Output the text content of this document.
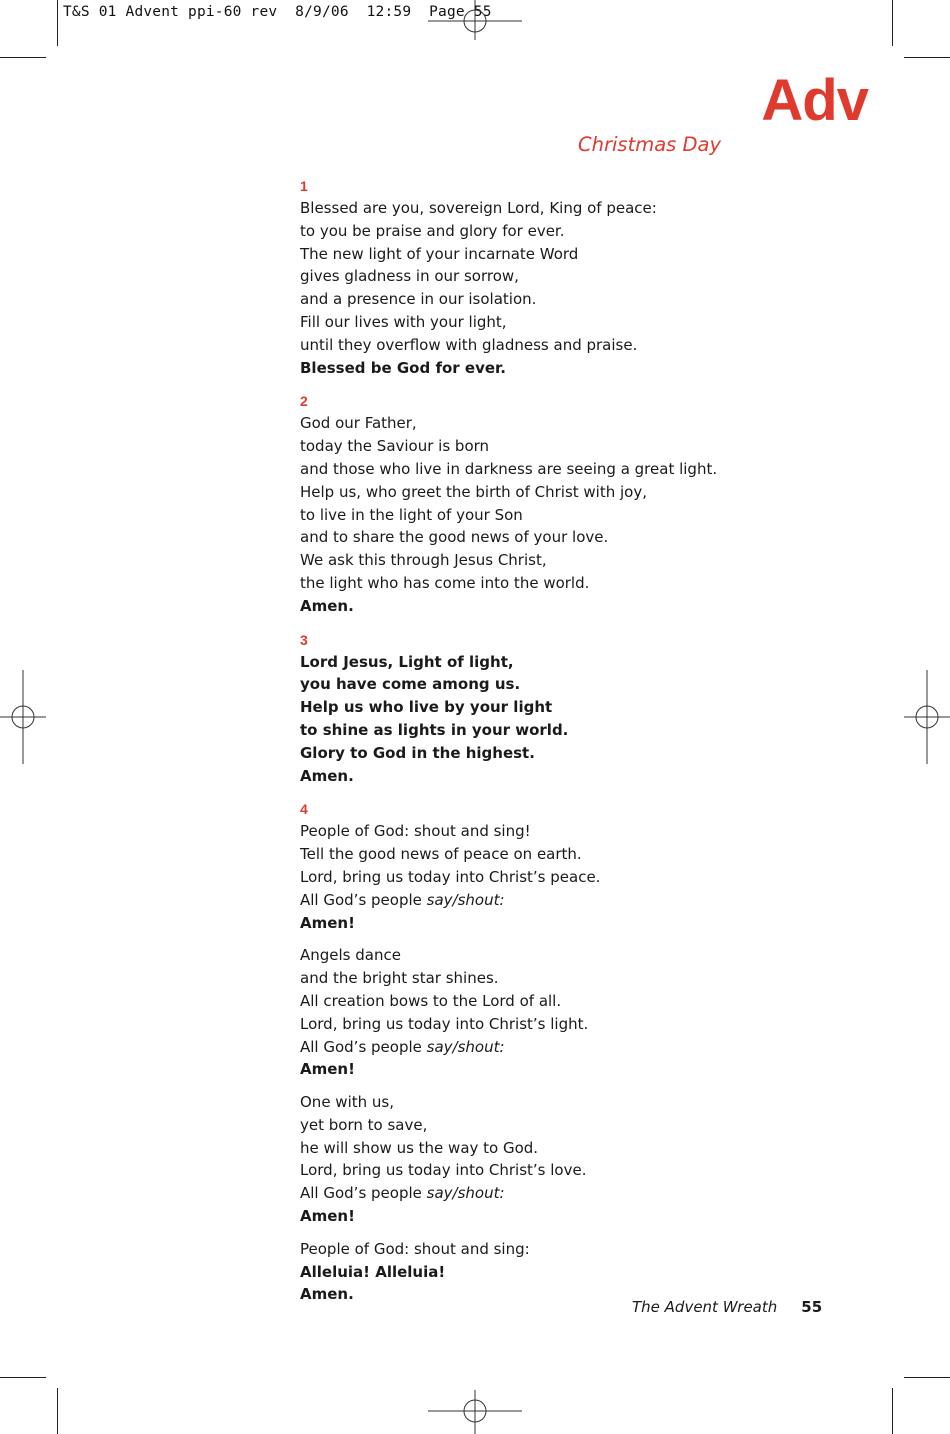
T&S 01 Advent ppi-60 rev  8/9/06  12:59  Page 55
Adv
Christmas Day
1
Blessed are you, sovereign Lord, King of peace:
to you be praise and glory for ever.
The new light of your incarnate Word
gives gladness in our sorrow,
and a presence in our isolation.
Fill our lives with your light,
until they overflow with gladness and praise.
Blessed be God for ever.
2
God our Father,
today the Saviour is born
and those who live in darkness are seeing a great light.
Help us, who greet the birth of Christ with joy,
to live in the light of your Son
and to share the good news of your love.
We ask this through Jesus Christ,
the light who has come into the world.
Amen.
3
Lord Jesus, Light of light,
you have come among us.
Help us who live by your light
to shine as lights in your world.
Glory to God in the highest.
Amen.
4
People of God: shout and sing!
Tell the good news of peace on earth.
Lord, bring us today into Christ’s peace.
All God’s people say/shout:
Amen!
Angels dance
and the bright star shines.
All creation bows to the Lord of all.
Lord, bring us today into Christ’s light.
All God’s people say/shout:
Amen!
One with us,
yet born to save,
he will show us the way to God.
Lord, bring us today into Christ’s love.
All God’s people say/shout:
Amen!
People of God: shout and sing:
Alleluia! Alleluia!
Amen.
The Advent Wreath 55
